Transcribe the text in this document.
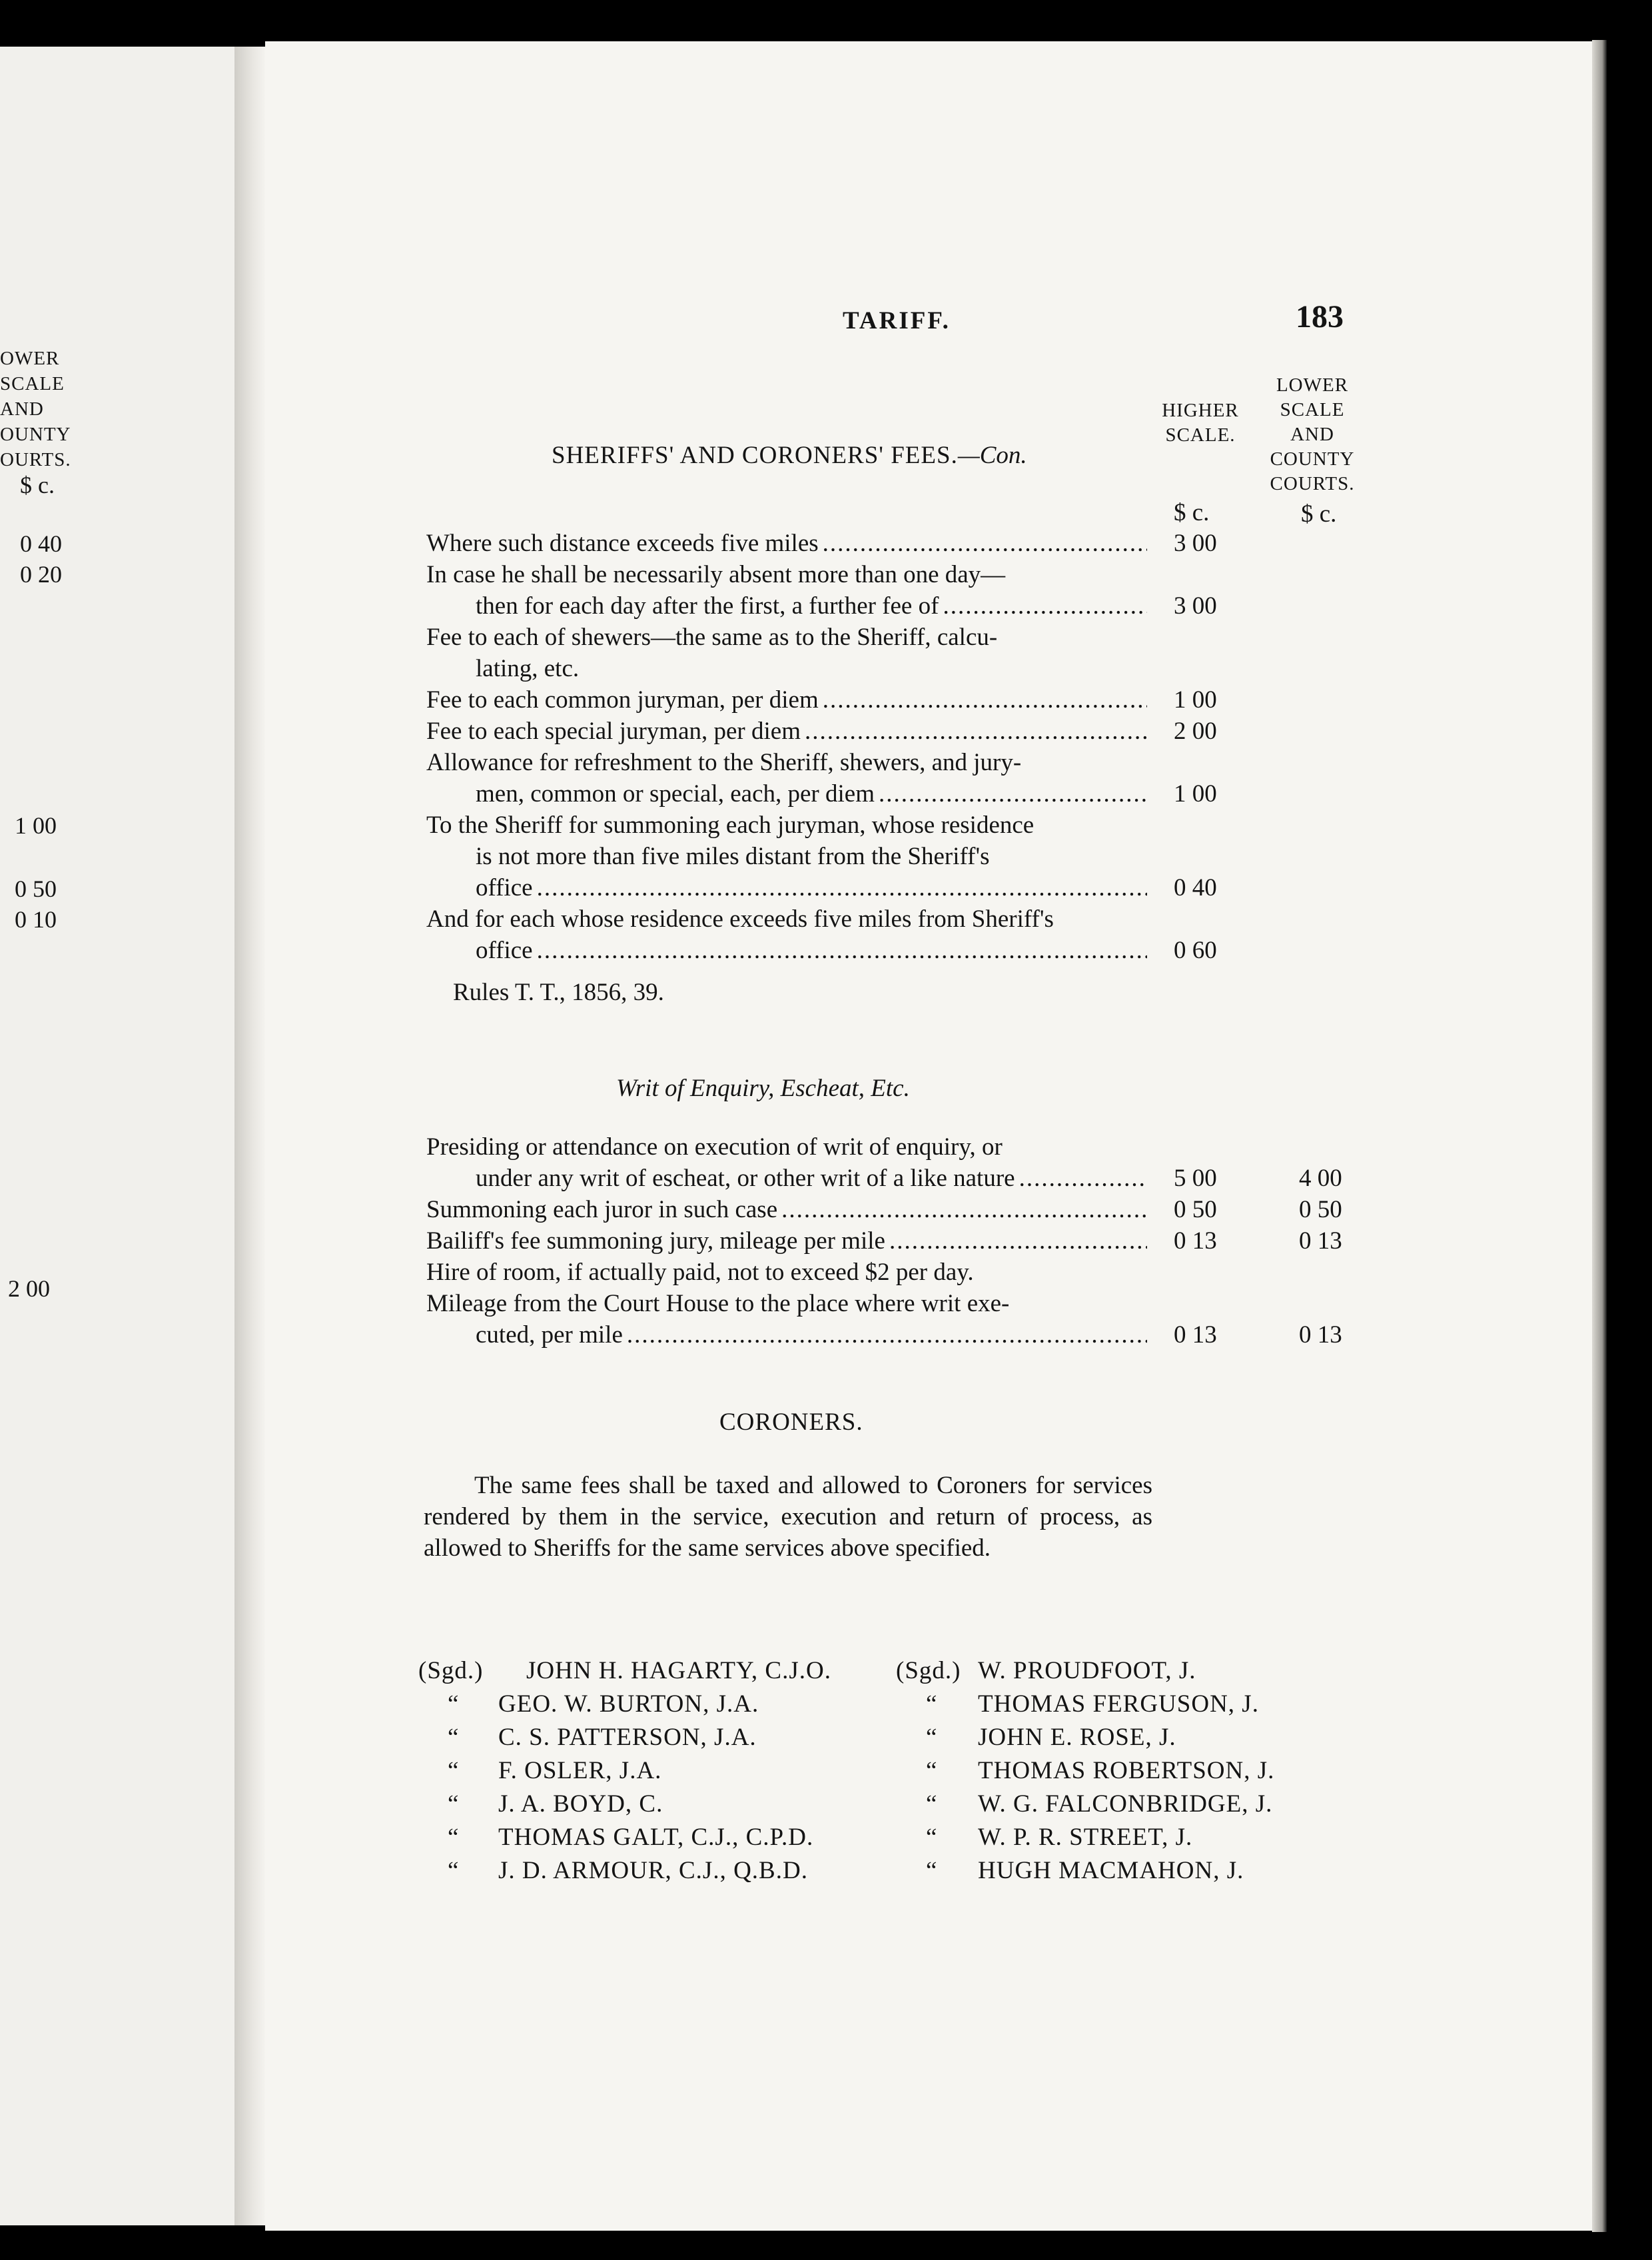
$ c.
0 40
0 20
1 00
0 50
0 10
2 00
TARIFF.	183
$ c.	$ c.
SHERIFFS' AND CORONERS' FEES.—Con.
Rules T. T., 1856, 39.
Writ of Enquiry, Escheat, Etc.
CORONERS.
The same fees shall be taxed and allowed to Coroners for services rendered by them in the service, execution and return of process, as allowed to Sheriffs for the same services above specified.
OWER
SCALE
AND
OUNTY
OURTS.
HIGHER
SCALE.
LOWER
SCALE
AND
COUNTY
COURTS.
Where such distance exceeds five miles .....	3 00
In case he shall be necessarily absent more than one day—
then for each day after the first, a further fee of .....	3 00
Fee to each of shewers—the same as to the Sheriff, calcu-
lating, etc.
Fee to each common juryman, per diem .....	1 00
Fee to each special juryman, per diem .....	2 00
Allowance for refreshment to the Sheriff, shewers, and jury-
men, common or special, each, per diem .....	1 00
To the Sheriff for summoning each juryman, whose residence
is not more than five miles distant from the Sheriff's
office .....	0 40
And for each whose residence exceeds five miles from Sheriff's
office .....	0 60
Presiding or attendance on execution of writ of enquiry, or
under any writ of escheat, or other writ of a like nature .....	5 00	4 00
Summoning each juror in such case .....	0 50	0 50
Bailiff's fee summoning jury, mileage per mile .....	0 13	0 13
Hire of room, if actually paid, not to exceed $2 per day.
Mileage from the Court House to the place where writ exe-
cuted, per mile .....	0 13	0 13
(Sgd.) JOHN H. HAGARTY, C.J.O.
“ GEO. W. BURTON, J.A.
“ C. S. PATTERSON, J.A.
“ F. OSLER, J.A.
“ J. A. BOYD, C.
“ THOMAS GALT, C.J., C.P.D.
“ J. D. ARMOUR, C.J., Q.B.D.
(Sgd.) W. PROUDFOOT, J.
“ THOMAS FERGUSON, J.
“ JOHN E. ROSE, J.
“ THOMAS ROBERTSON, J.
“ W. G. FALCONBRIDGE, J.
“ W. P. R. STREET, J.
“ HUGH MACMAHON, J.
